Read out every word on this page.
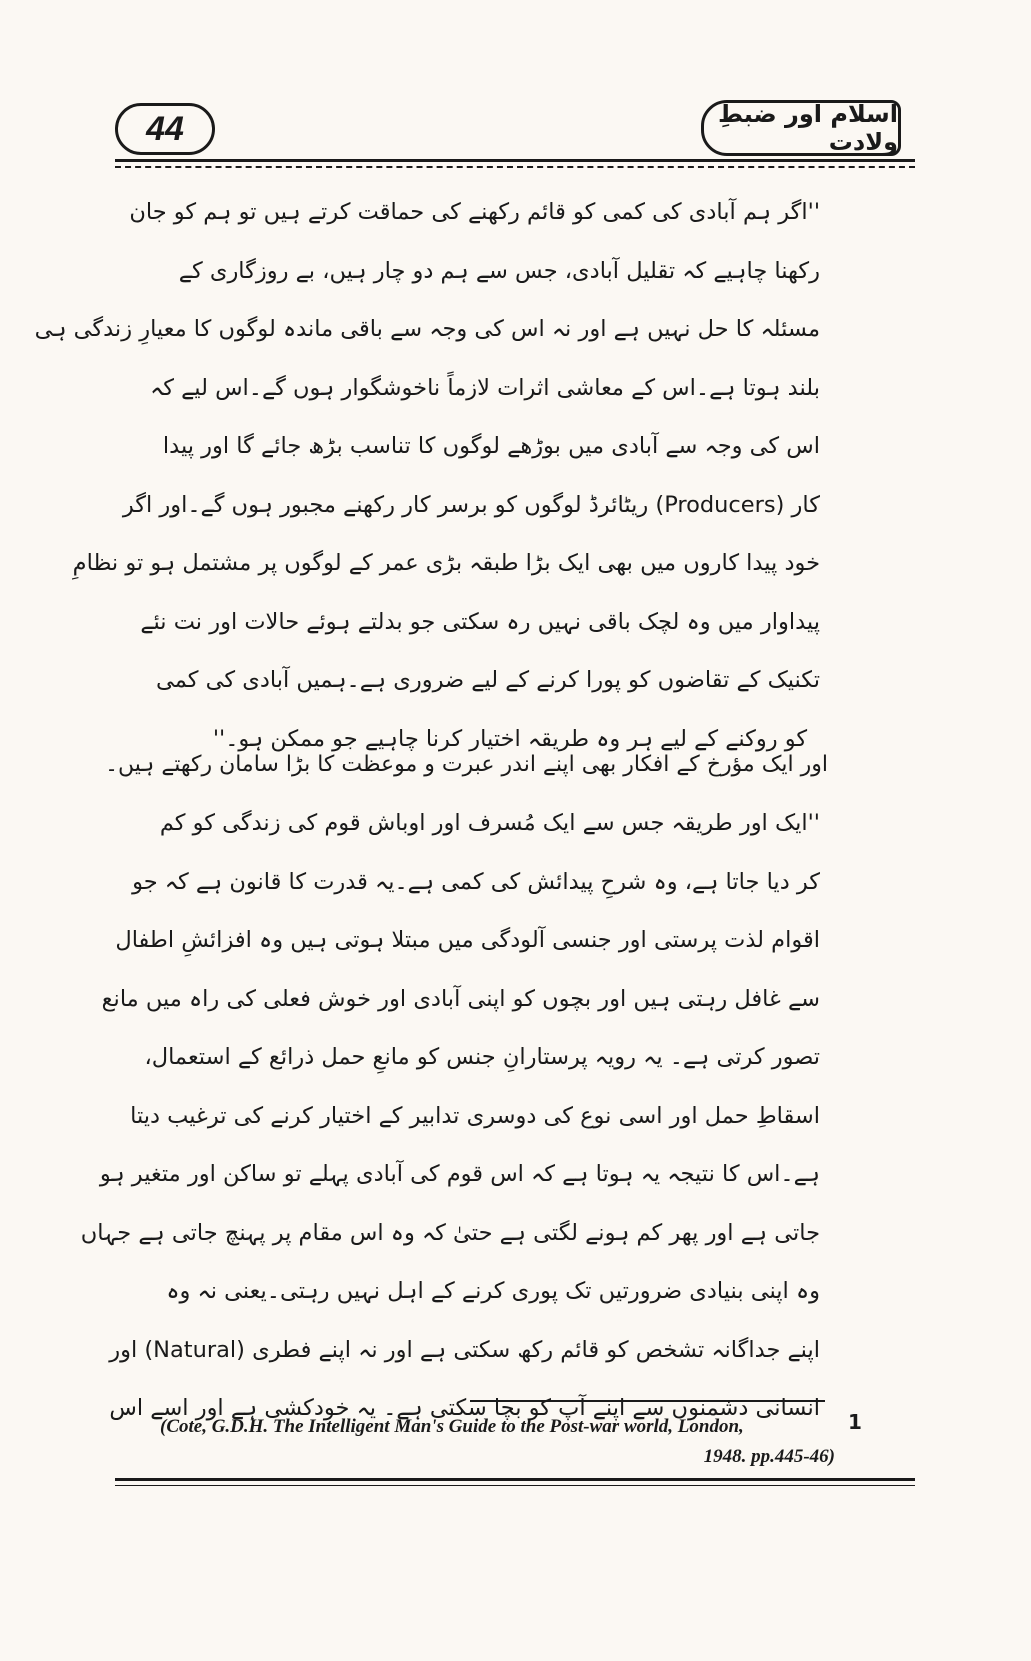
44	اسلام اور ضبطِ ولادت
''اگر ہم آبادی کی کمی کو قائم رکھنے کی حماقت کرتے ہیں تو ہم کو جان
رکھنا چاہیے کہ تقلیل آبادی، جس سے ہم دو چار ہیں، بے روزگاری کے
مسئلہ کا حل نہیں ہے اور نہ اس کی وجہ سے باقی ماندہ لوگوں کا معیارِ زندگی ہی
بلند ہوتا ہے۔اس کے معاشی اثرات لازماً ناخوشگوار ہوں گے۔اس لیے کہ
اس کی وجہ سے آبادی میں بوڑھے لوگوں کا تناسب بڑھ جائے گا اور پیدا
کار (Producers) ریٹائرڈ لوگوں کو برسر کار رکھنے مجبور ہوں گے۔اور اگر
خود پیدا کاروں میں بھی ایک بڑا طبقہ بڑی عمر کے لوگوں پر مشتمل ہو تو نظامِ
پیداوار میں وہ لچک باقی نہیں رہ سکتی جو بدلتے ہوئے حالات اور نت نئے
تکنیک کے تقاضوں کو پورا کرنے کے لیے ضروری ہے۔ہمیں آبادی کی کمی
کو روکنے کے لیے ہر وہ طریقہ اختیار کرنا چاہیے جو ممکن ہو۔''
اور ایک مؤرخ کے افکار بھی اپنے اندر عبرت و موعظت کا بڑا سامان رکھتے ہیں۔
''ایک اور طریقہ جس سے ایک مُسرف اور اوباش قوم کی زندگی کو کم
کر دیا جاتا ہے، وہ شرحِ پیدائش کی کمی ہے۔یہ قدرت کا قانون ہے کہ جو
اقوام لذت پرستی اور جنسی آلودگی میں مبتلا ہوتی ہیں وہ افزائشِ اطفال
سے غافل رہتی ہیں اور بچوں کو اپنی آبادی اور خوش فعلی کی راہ میں مانع
تصور کرتی ہے۔ یہ رویہ پرستارانِ جنس کو مانعِ حمل ذرائع کے استعمال،
اسقاطِ حمل اور اسی نوع کی دوسری تدابیر کے اختیار کرنے کی ترغیب دیتا
ہے۔اس کا نتیجہ یہ ہوتا ہے کہ اس قوم کی آبادی پہلے تو ساکن اور متغیر ہو
جاتی ہے اور پھر کم ہونے لگتی ہے حتیٰ کہ وہ اس مقام پر پہنچ جاتی ہے جہاں
وہ اپنی بنیادی ضرورتیں تک پوری کرنے کے اہل نہیں رہتی۔یعنی نہ وہ
اپنے جداگانہ تشخص کو قائم رکھ سکتی ہے اور نہ اپنے فطری (Natural) اور
انسانی دشمنوں سے اپنے آپ کو بچا سکتی ہے۔ یہ خودکشی ہے اور اسے اس
1
(Cote, G.D.H. The Intelligent Man's Guide to the Post-war world, London,
1948. pp.445-46)
